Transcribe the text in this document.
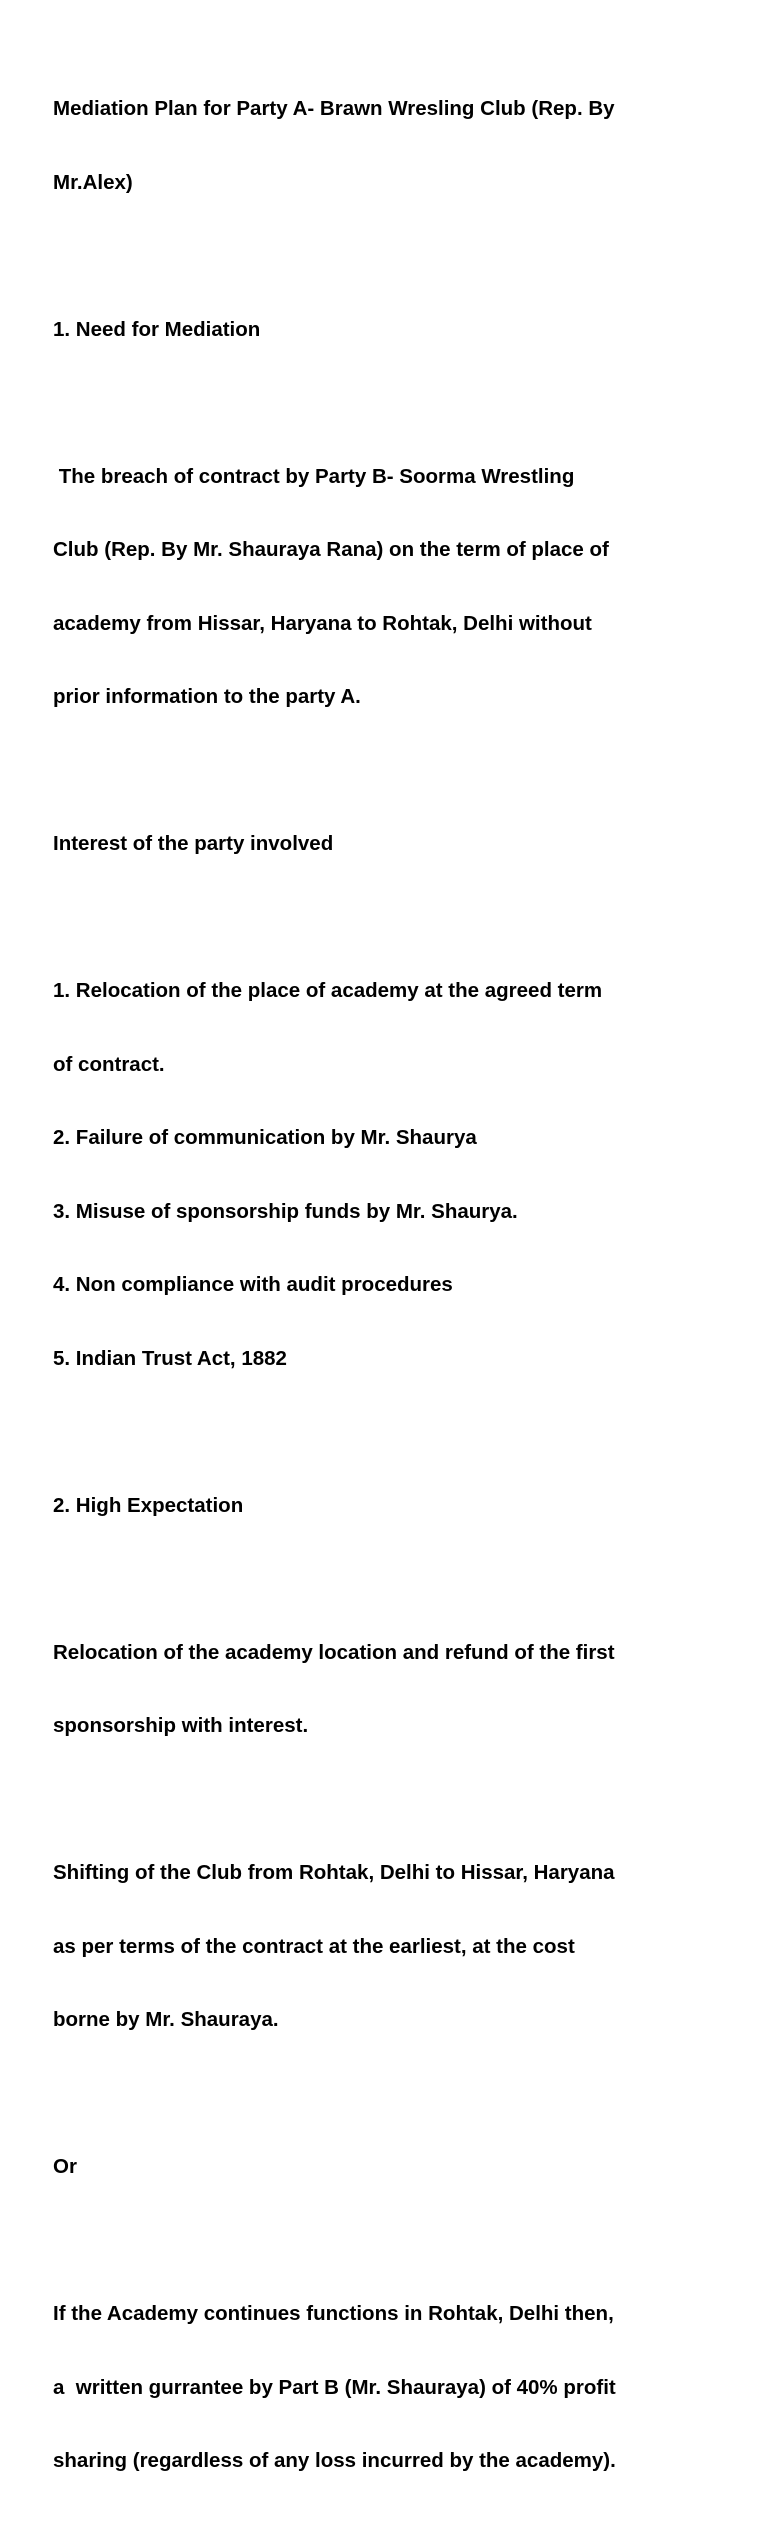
Mediation Plan for Party A- Brawn Wresling Club (Rep. By

Mr.Alex)

1. Need for Mediation

The breach of contract by Party B- Soorma Wrestling

Club (Rep. By Mr. Shauraya Rana) on the term of place of

academy from Hissar, Haryana to Rohtak, Delhi without

prior information to the party A.

Interest of the party involved

1. Relocation of the place of academy at the agreed term

of contract.

2. Failure of communication by Mr. Shaurya

3. Misuse of sponsorship funds by Mr. Shaurya.

4. Non compliance with audit procedures

5. Indian Trust Act, 1882

2. High Expectation

Relocation of the academy location and refund of the first

sponsorship with interest.

Shifting of the Club from Rohtak, Delhi to Hissar, Haryana

as per terms of the contract at the earliest, at the cost

borne by Mr. Shauraya.

Or

If the Academy continues functions in Rohtak, Delhi then,

a  written gurrantee by Part B (Mr. Shauraya) of 40% profit

sharing (regardless of any loss incurred by the academy).
